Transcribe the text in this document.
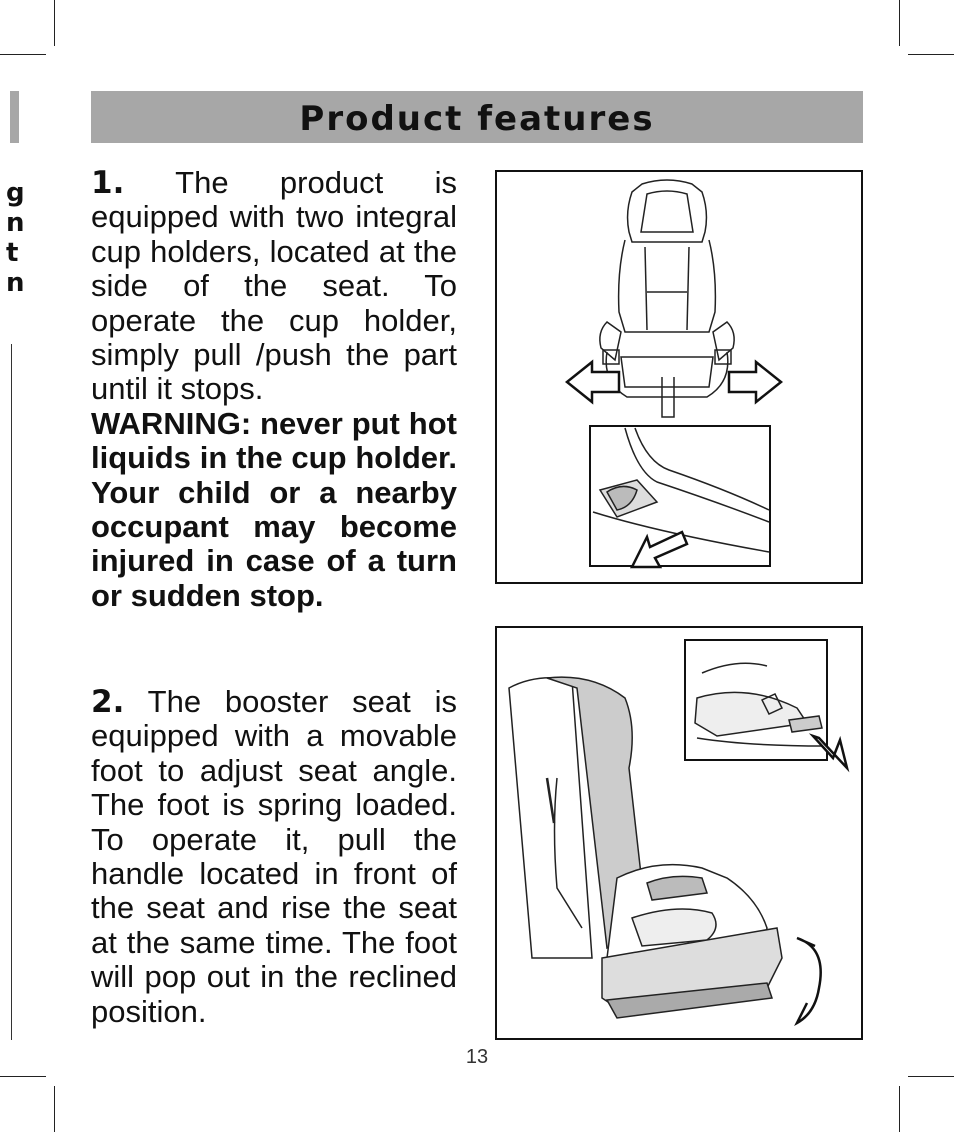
g
n
t
n
Product features
1. The product is equipped with two integral cup holders, located at the side of the seat. To operate the cup holder, simply pull /push the part until it stops.
WARNING: never put hot liquids in the cup holder. Your child or a nearby occupant may become injured in case of a turn or sudden stop.
2. The booster seat is equipped with a movable foot to adjust seat angle. The foot is spring loaded. To operate it, pull the handle located in front of the seat and rise the seat at the same time. The foot will pop out in the reclined position.
13
